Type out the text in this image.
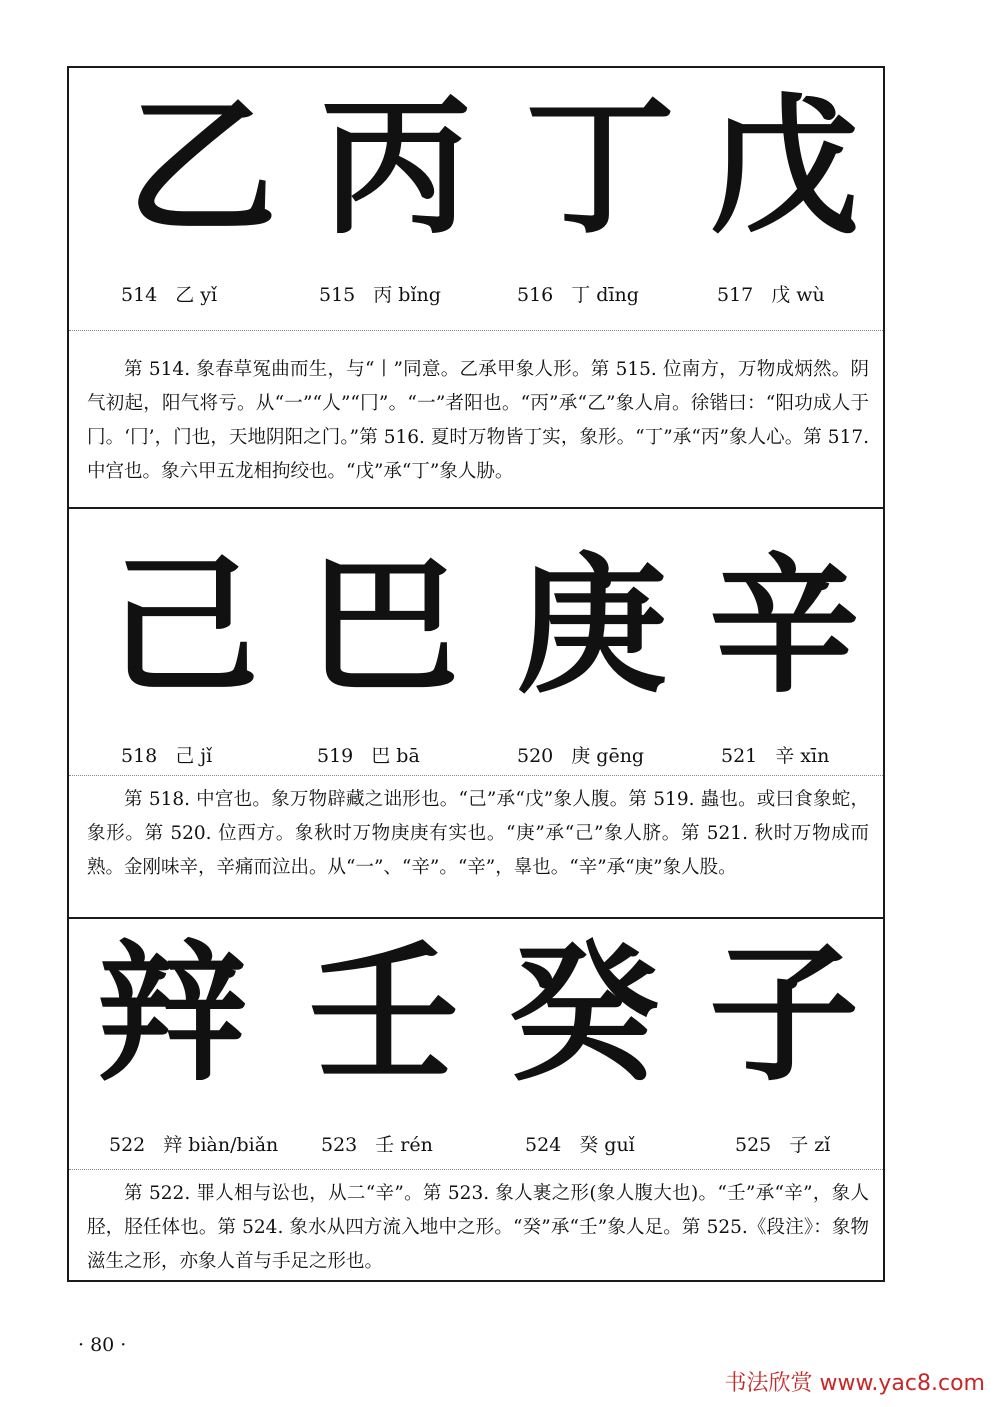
乙 丙 丁 戊
514 乙 yǐ	515 丙 bǐng	516 丁 dīng	517 戊 wù
第 514. 象春草冤曲而生，与“丨”同意。乙承甲象人形。第 515. 位南方，万物成炳然。阴气初起，阳气将亏。从“一”“人”“冂”。“一”者阳也。“丙”承“乙”象人肩。徐锴曰：“阳功成人于冂。‘冂’，门也，天地阴阳之门。”第 516. 夏时万物皆丁实，象形。“丁”承“丙”象人心。第 517. 中宫也。象六甲五龙相拘绞也。“戊”承“丁”象人胁。
己 巴 庚 辛
518 己 jǐ	519 巴 bā	520 庚 gēng	521 辛 xīn
第 518. 中宫也。象万物辟藏之诎形也。“己”承“戊”象人腹。第 519. 蟲也。或曰食象蛇，象形。第 520. 位西方。象秋时万物庚庚有实也。“庚”承“己”象人脐。第 521. 秋时万物成而熟。金刚味辛，辛痛而泣出。从“一”、“辛”。“辛”，辠也。“辛”承“庚”象人股。
辡 壬 癸 子
522 辡 biàn/biǎn 523 壬 rén	524 癸 guǐ	525 子 zǐ
第 522. 罪人相与讼也，从二“辛”。第 523. 象人裹之形(象人腹大也)。“壬”承“辛”，象人胫，胫任体也。第 524. 象水从四方流入地中之形。“癸”承“壬”象人足。第 525.《段注》：象物滋生之形，亦象人首与手足之形也。
· 80 ·
书法欣赏 www.yac8.com
